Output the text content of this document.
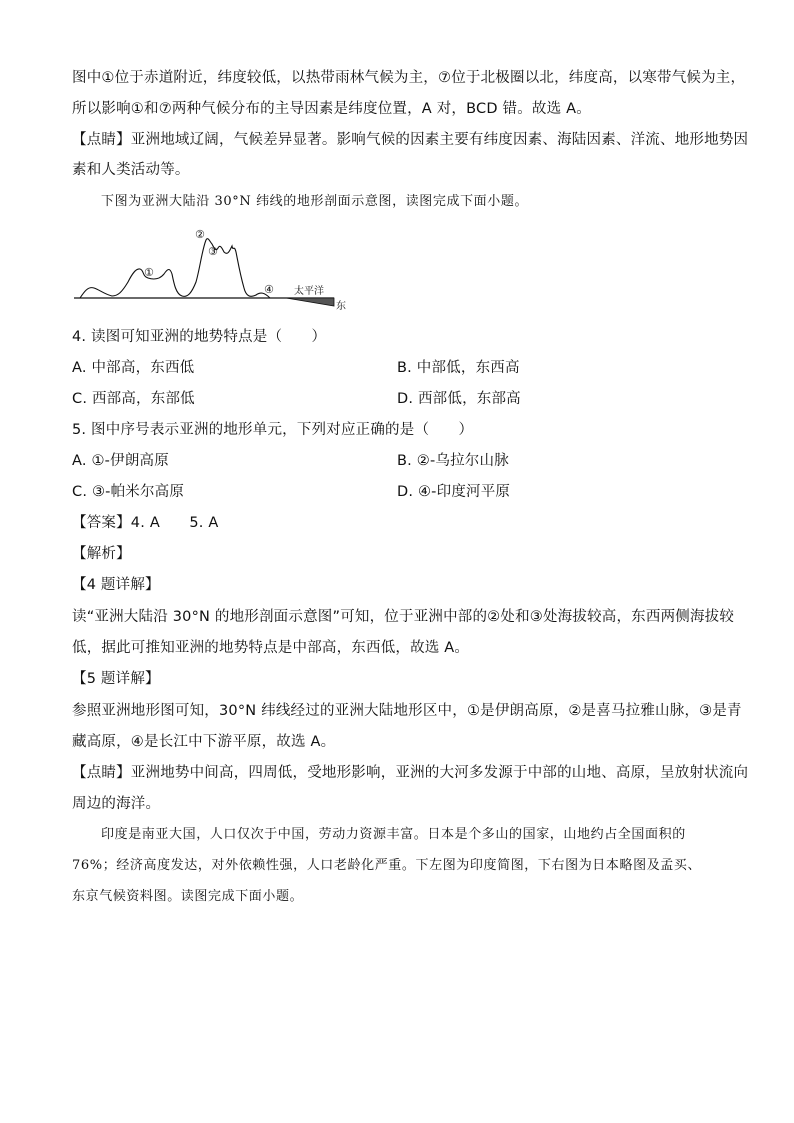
图中①位于赤道附近，纬度较低，以热带雨林气候为主，⑦位于北极圈以北，纬度高，以寒带气候为主，
所以影响①和⑦两种气候分布的主导因素是纬度位置，A 对，BCD 错。故选 A。
【点睛】亚洲地域辽阔，气候差异显著。影响气候的因素主要有纬度因素、海陆因素、洋流、地形地势因
素和人类活动等。
下图为亚洲大陆沿 30°N 纬线的地形剖面示意图，读图完成下面小题。
①
②
③
④ 太平洋
东
4. 读图可知亚洲的地势特点是（　　）
A. 中部高，东西低	B. 中部低，东西高
C. 西部高，东部低	D. 西部低，东部高
5. 图中序号表示亚洲的地形单元，下列对应正确的是（　　）
A. ①-伊朗高原	B. ②-乌拉尔山脉
C. ③-帕米尔高原	D. ④-印度河平原
【答案】4. A　　5. A
【解析】
【4 题详解】
读“亚洲大陆沿 30°N 的地形剖面示意图”可知，位于亚洲中部的②处和③处海拔较高，东西两侧海拔较
低，据此可推知亚洲的地势特点是中部高，东西低，故选 A。
【5 题详解】
参照亚洲地形图可知，30°N 纬线经过的亚洲大陆地形区中，①是伊朗高原，②是喜马拉雅山脉，③是青
藏高原，④是长江中下游平原，故选 A。
【点睛】亚洲地势中间高，四周低，受地形影响，亚洲的大河多发源于中部的山地、高原，呈放射状流向
周边的海洋。
印度是南亚大国，人口仅次于中国，劳动力资源丰富。日本是个多山的国家，山地约占全国面积的
76%；经济高度发达，对外依赖性强，人口老龄化严重。下左图为印度简图，下右图为日本略图及孟买、
东京气候资料图。读图完成下面小题。
